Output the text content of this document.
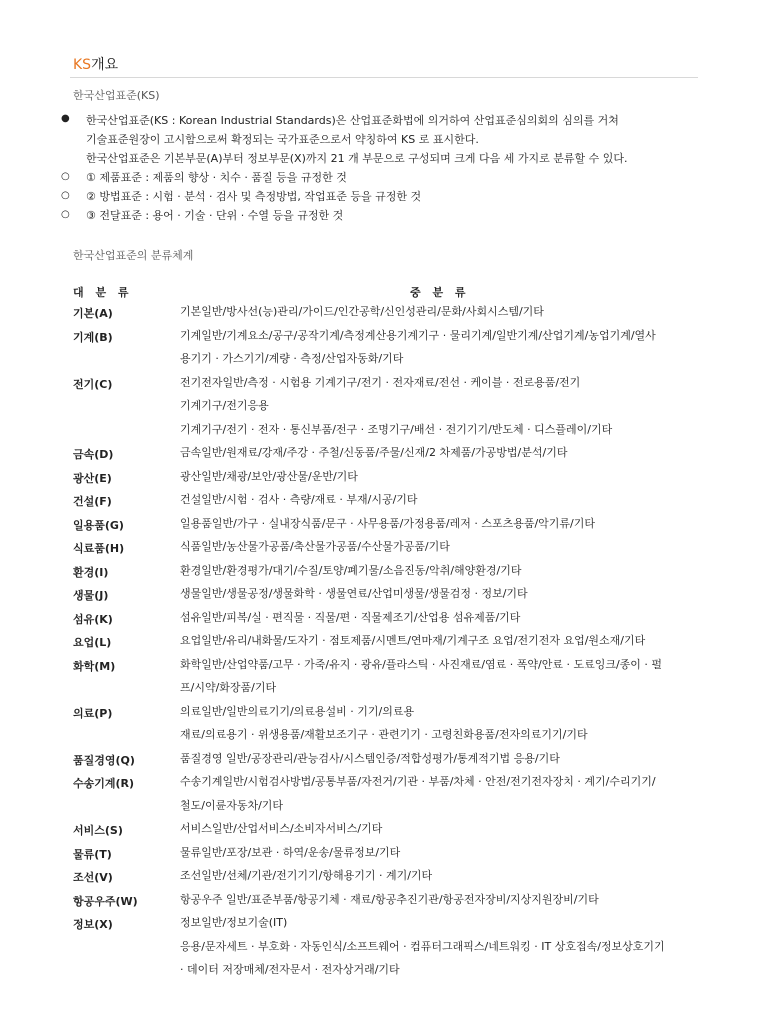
KS개요
한국산업표준(KS)
● 한국산업표준(KS : Korean Industrial Standards)은 산업표준화법에 의거하여 산업표준심의회의 심의를 거쳐
기술표준원장이 고시함으로써 확정되는 국가표준으로서 약칭하여 KS 로 표시한다.
한국산업표준은 기본부문(A)부터 정보부문(X)까지 21 개 부문으로 구성되며 크게 다음 세 가지로 분류할 수 있다.
○ ① 제품표준 : 제품의 향상 · 치수 · 품질 등을 규정한 것
○ ② 방법표준 : 시험 · 분석 · 검사 및 측정방법, 작업표준 등을 규정한 것
○ ③ 전달표준 : 용어 · 기술 · 단위 · 수열 등을 규정한 것
한국산업표준의 분류체계
대 분 류	중 분 류
기본(A)	기본일반/방사선(능)관리/가이드/인간공학/신인성관리/문화/사회시스템/기타
기계(B)	기계일반/기계요소/공구/공작기계/측정계산용기계기구 · 물리기계/일반기계/산업기계/농업기계/열사
용기기 · 가스기기/계량 · 측정/산업자동화/기타
전기(C)	전기전자일반/측정 · 시험용 기계기구/전기 · 전자재료/전선 · 케이블 · 전로용품/전기
기계기구/전기응용
기계기구/전기 · 전자 · 통신부품/전구 · 조명기구/배선 · 전기기기/반도체 · 디스플레이/기타
금속(D)	금속일반/원재료/강재/주강 · 주철/신동품/주물/신재/2 차제품/가공방법/분석/기타
광산(E)	광산일반/채광/보안/광산물/운반/기타
건설(F)	건설일반/시험 · 검사 · 측량/재료 · 부재/시공/기타
일용품(G)	일용품일반/가구 · 실내장식품/문구 · 사무용품/가정용품/레저 · 스포츠용품/악기류/기타
식료품(H)	식품일반/농산물가공품/축산물가공품/수산물가공품/기타
환경(I)	환경일반/환경평가/대기/수질/토양/폐기물/소음진동/악취/해양환경/기타
생물(J)	생물일반/생물공정/생물화학 · 생물연료/산업미생물/생물검정 · 정보/기타
섬유(K)	섬유일반/피복/실 · 편직물 · 직물/편 · 직물제조기/산업용 섬유제품/기타
요업(L)	요업일반/유리/내화물/도자기 · 점토제품/시멘트/연마재/기계구조 요업/전기전자 요업/원소재/기타
화학(M)	화학일반/산업약품/고무 · 가죽/유지 · 광유/플라스틱 · 사진재료/염료 · 폭약/안료 · 도료잉크/종이 · 펄
프/시약/화장품/기타
의료(P)	의료일반/일반의료기기/의료용설비 · 기기/의료용
재료/의료용기 · 위생용품/재활보조기구 · 관련기기 · 고령친화용품/전자의료기기/기타
품질경영(Q)	품질경영 일반/공장관리/관능검사/시스템인증/적합성평가/통계적기법 응용/기타
수송기계(R)	수송기계일반/시험검사방법/공통부품/자전거/기관 · 부품/차체 · 안전/전기전자장치 · 계기/수리기기/
철도/이륜자동차/기타
서비스(S)	서비스일반/산업서비스/소비자서비스/기타
물류(T)	물류일반/포장/보관 · 하역/운송/물류정보/기타
조선(V)	조선일반/선체/기관/전기기기/항해용기기 · 계기/기타
항공우주(W)	항공우주 일반/표준부품/항공기체 · 재료/항공추진기관/항공전자장비/지상지원장비/기타
정보(X)	정보일반/정보기술(IT)
응용/문자세트 · 부호화 · 자동인식/소프트웨어 · 컴퓨터그래픽스/네트워킹 · IT 상호접속/정보상호기기
· 데이터 저장매체/전자문서 · 전자상거래/기타
